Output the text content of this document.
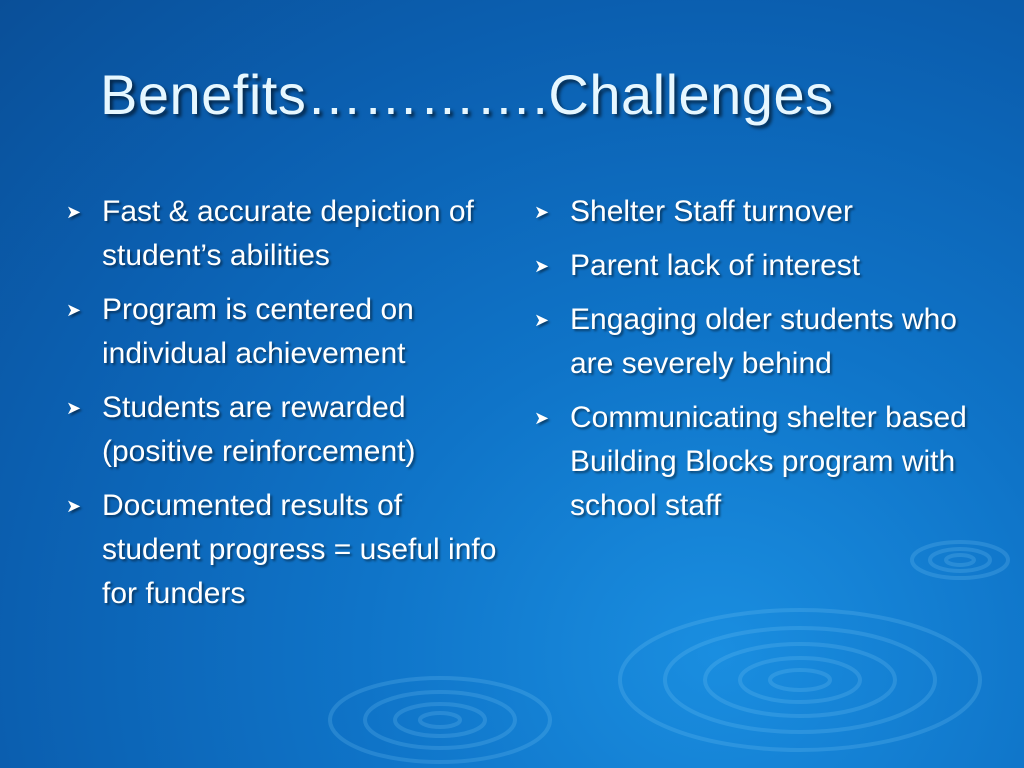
Benefits………….Challenges
➤ Fast & accurate depiction of student’s abilities
➤ Program is centered on individual achievement
➤ Students are rewarded (positive reinforcement)
➤ Documented results of student progress = useful info for funders
➤ Shelter Staff turnover
➤ Parent lack of interest
➤ Engaging older students who are severely behind
➤ Communicating shelter based Building Blocks program with school staff
